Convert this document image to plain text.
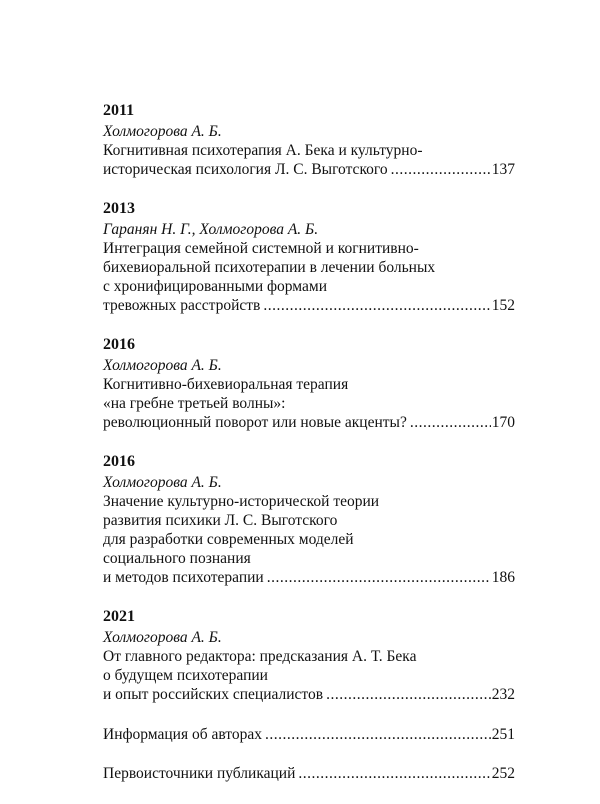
2011
Холмогорова А. Б.
Когнитивная психотерапия А. Бека и культурно-
историческая психология Л. С. Выготского .....	137
2013
Гаранян Н. Г., Холмогорова А. Б.
Интеграция семейной системной и когнитивно-
бихевиоральной психотерапии в лечении больных
с хронифицированными формами
тревожных расстройств .....	152
2016
Холмогорова А. Б.
Когнитивно-бихевиоральная терапия
«на гребне третьей волны»:
революционный поворот или новые акценты? .....	170
2016
Холмогорова А. Б.
Значение культурно-исторической теории
развития психики Л. С. Выготского
для разработки современных моделей
социального познания
и методов психотерапии .....	186
2021
Холмогорова А. Б.
От главного редактора: предсказания А. Т. Бека
о будущем психотерапии
и опыт российских специалистов .....	232
Информация об авторах .....	251
Первоисточники публикаций .....	252
